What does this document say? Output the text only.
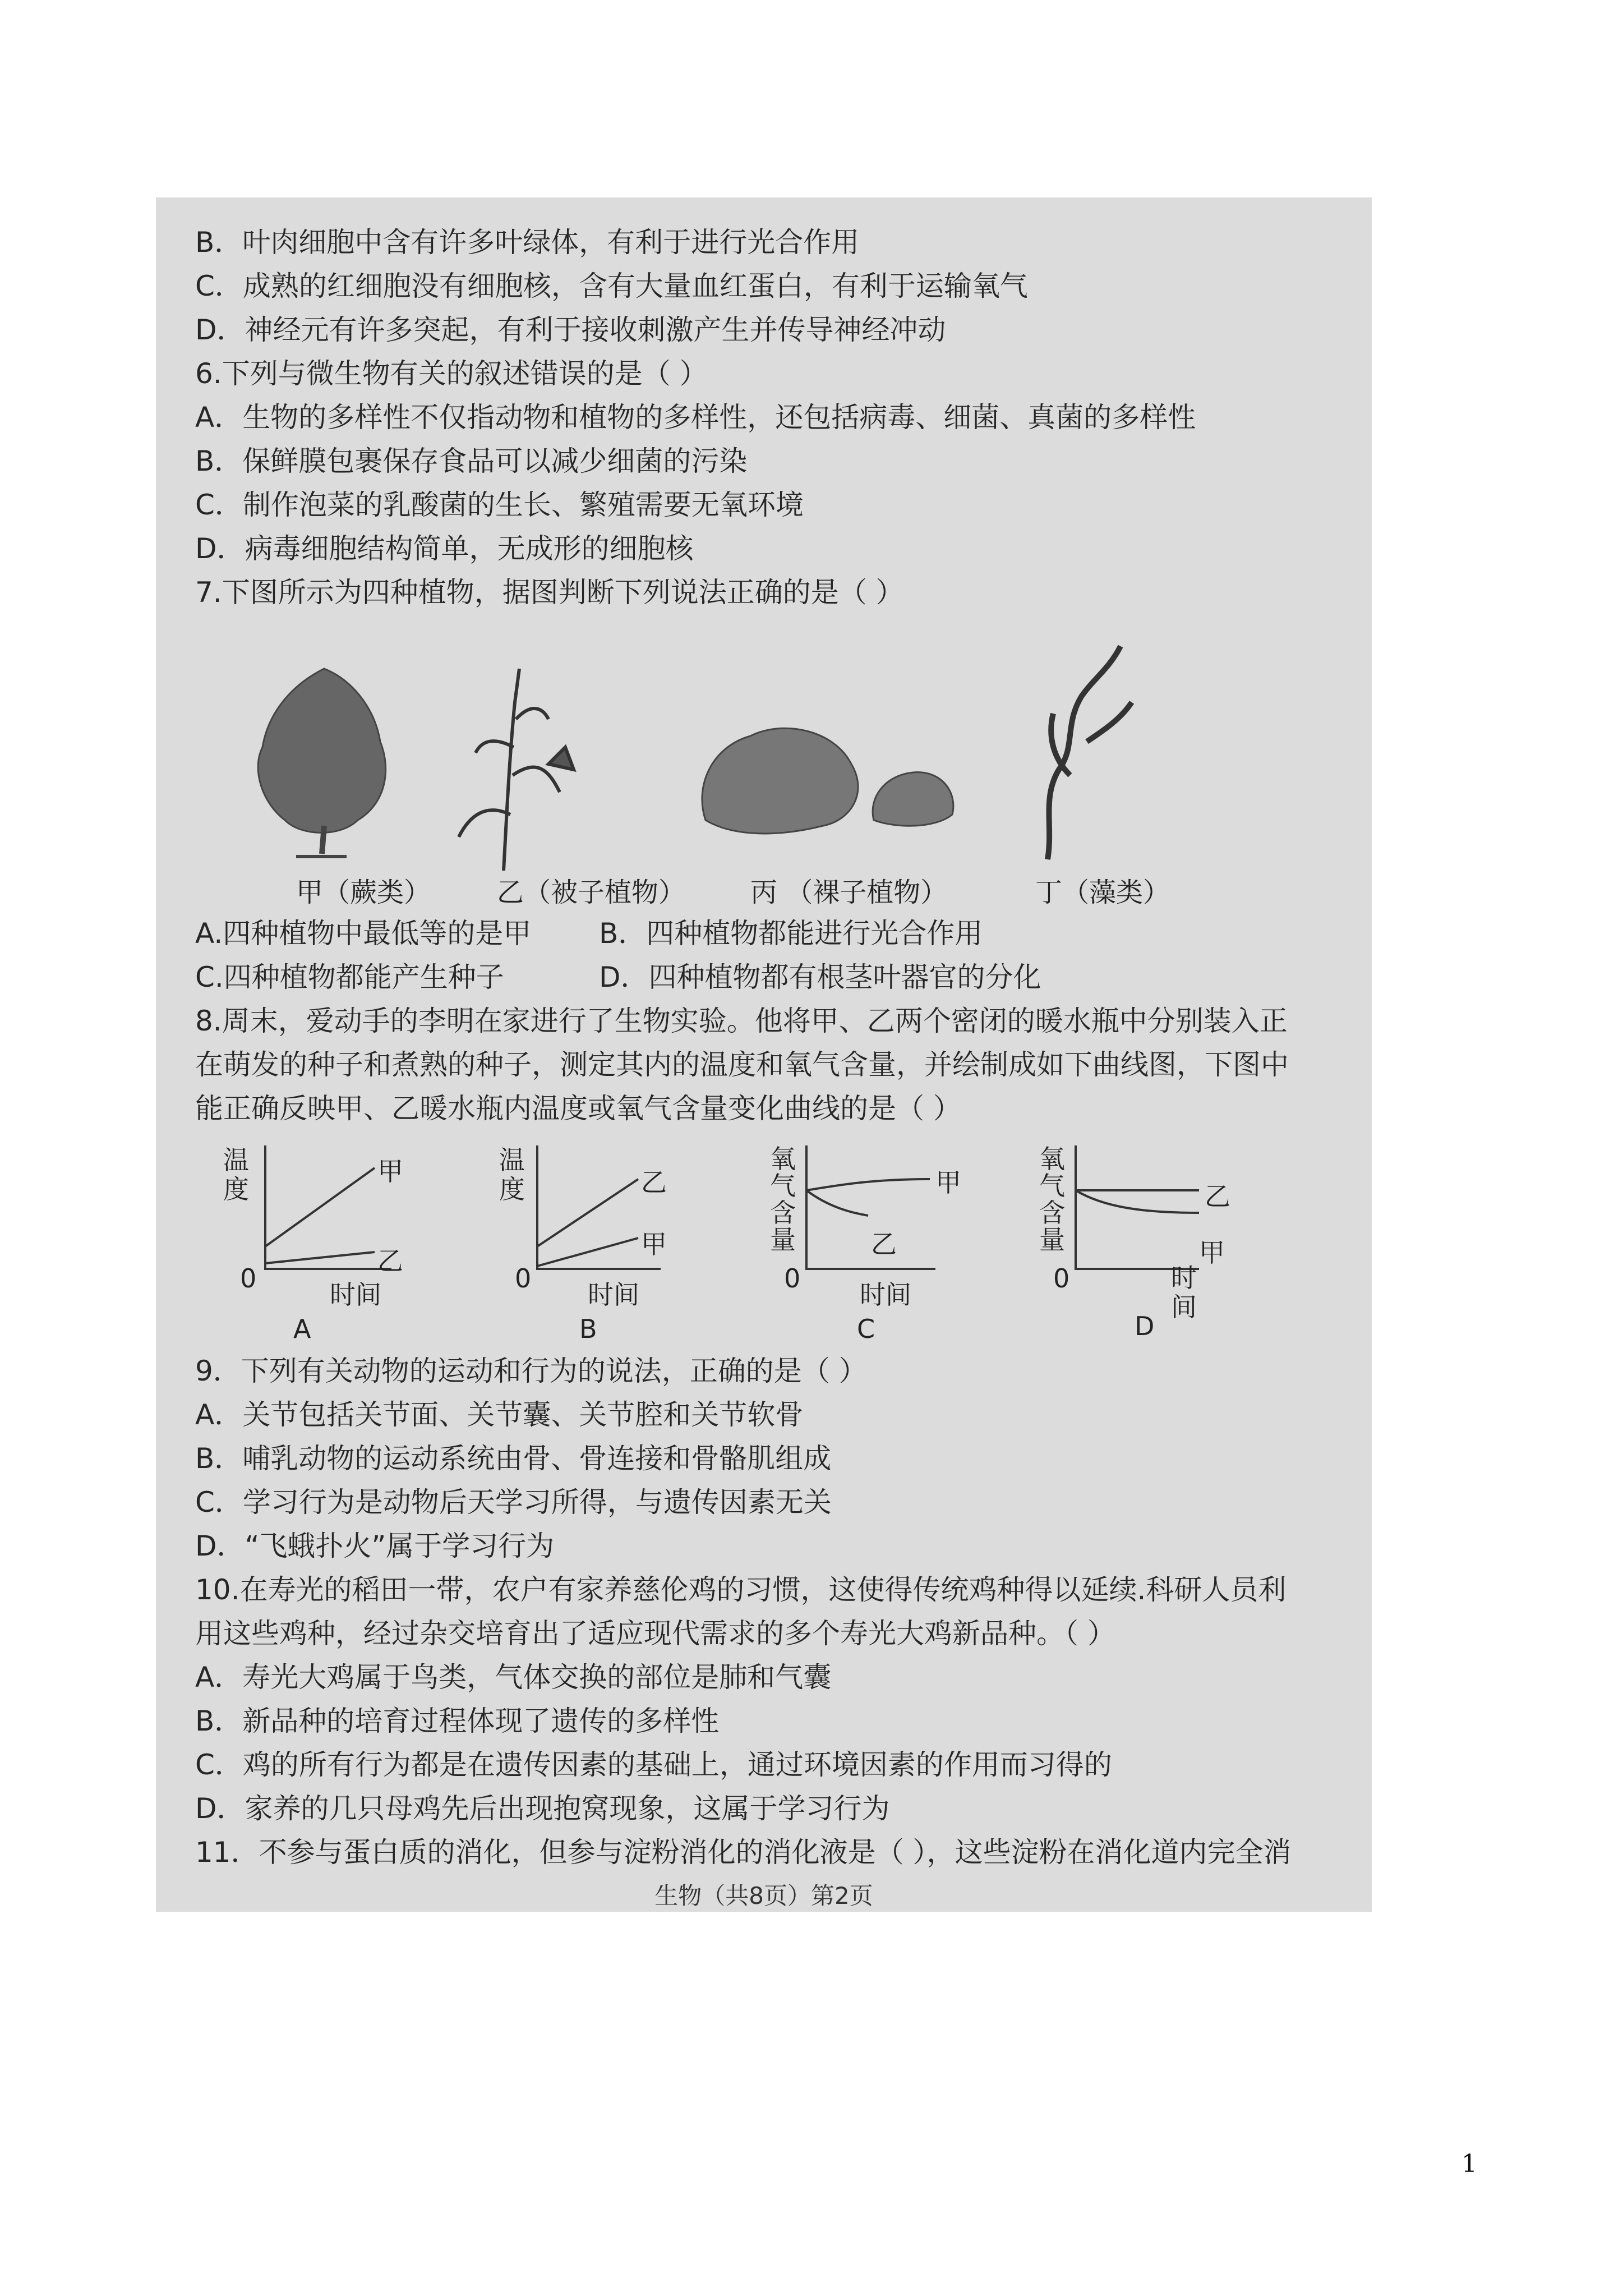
B．叶肉细胞中含有许多叶绿体，有利于进行光合作用
C．成熟的红细胞没有细胞核，含有大量血红蛋白，有利于运输氧气
D．神经元有许多突起，有利于接收刺激产生并传导神经冲动
6.下列与微生物有关的叙述错误的是（ ）
A．生物的多样性不仅指动物和植物的多样性，还包括病毒、细菌、真菌的多样性
B．保鲜膜包裹保存食品可以减少细菌的污染
C．制作泡菜的乳酸菌的生长、繁殖需要无氧环境
D．病毒细胞结构简单，无成形的细胞核
7.下图所示为四种植物，据图判断下列说法正确的是（ ）
甲（蕨类） 乙（被子植物） 丙 （裸子植物）	丁（藻类）
A.四种植物中最低等的是甲 B．四种植物都能进行光合作用
C.四种植物都能产生种子	D．四种植物都有根茎叶器官的分化
8.周末，爱动手的李明在家进行了生物实验。他将甲、乙两个密闭的暖水瓶中分别装入正
在萌发的种子和煮熟的种子，测定其内的温度和氧气含量，并绘制成如下曲线图，下图中
能正确反映甲、乙暖水瓶内温度或氧气含量变化曲线的是（ ）
温度
甲
乙
0
时间
A
温度	乙
甲
0
时间
B
氧气含量
甲
乙
0
时间
C
氧气含量
乙
甲
0	时间
D
9．下列有关动物的运动和行为的说法，正确的是（ ）
A．关节包括关节面、关节囊、关节腔和关节软骨
B．哺乳动物的运动系统由骨、骨连接和骨骼肌组成
C．学习行为是动物后天学习所得，与遗传因素无关
D．“飞蛾扑火”属于学习行为
10.在寿光的稻田一带，农户有家养慈伦鸡的习惯，这使得传统鸡种得以延续.科研人员利
用这些鸡种，经过杂交培育出了适应现代需求的多个寿光大鸡新品种。（ ）
A．寿光大鸡属于鸟类，气体交换的部位是肺和气囊
B．新品种的培育过程体现了遗传的多样性
C．鸡的所有行为都是在遗传因素的基础上，通过环境因素的作用而习得的
D．家养的几只母鸡先后出现抱窝现象，这属于学习行为
11．不参与蛋白质的消化，但参与淀粉消化的消化液是（ ），这些淀粉在消化道内完全消
生物（共8页）第2页
1
